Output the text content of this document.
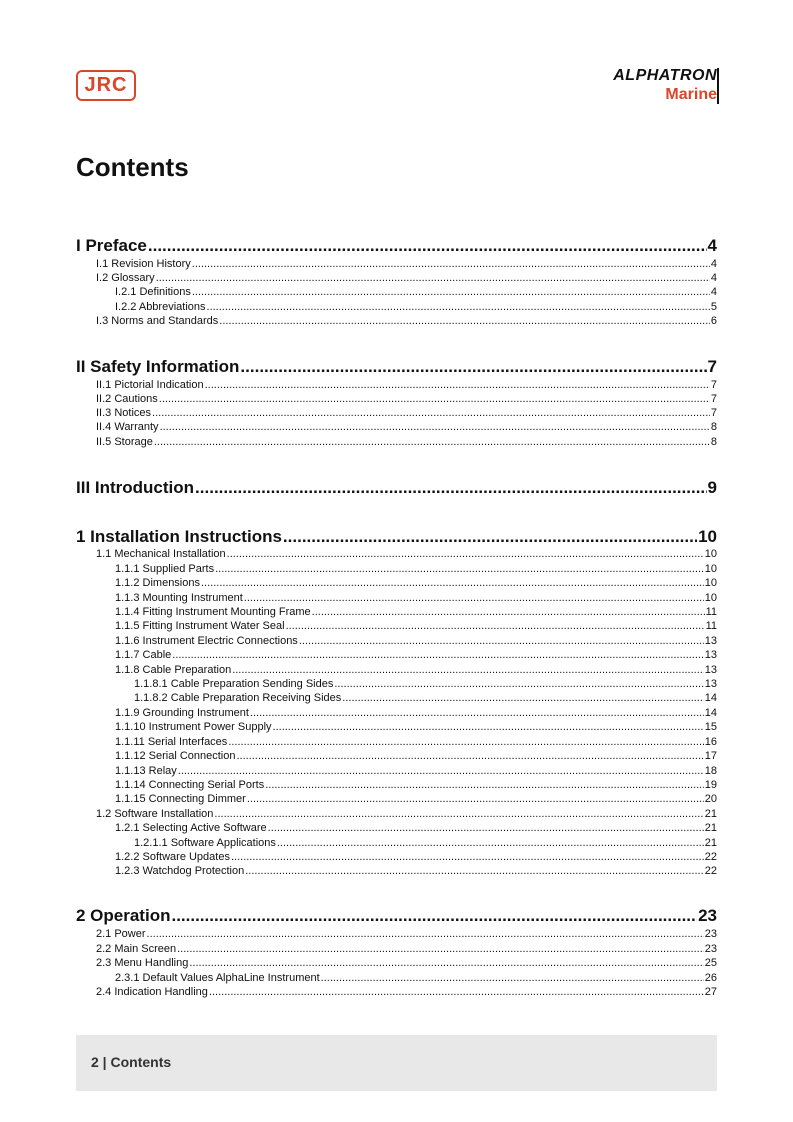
JRC	ALPHATRON
Marine
Contents
I Preface .....	4
I.1 Revision History .....	4
I.2 Glossary .....	4
I.2.1 Definitions .....	4
I.2.2 Abbreviations .....	5
I.3 Norms and Standards .....	6
II Safety Information .....	7
II.1 Pictorial Indication .....	7
II.2 Cautions .....	7
II.3 Notices .....	7
II.4 Warranty .....	8
II.5 Storage .....	8
III Introduction .....	9
1 Installation Instructions .....	10
1.1 Mechanical Installation .....	10
1.1.1 Supplied Parts .....	10
1.1.2 Dimensions .....	10
1.1.3 Mounting Instrument .....	10
1.1.4 Fitting Instrument Mounting Frame .....	11
1.1.5 Fitting Instrument Water Seal .....	11
1.1.6 Instrument Electric Connections .....	13
1.1.7 Cable .....	13
1.1.8 Cable Preparation .....	13
1.1.8.1 Cable Preparation Sending Sides .....	13
1.1.8.2 Cable Preparation Receiving Sides .....	14
1.1.9 Grounding Instrument .....	14
1.1.10 Instrument Power Supply .....	15
1.1.11 Serial Interfaces .....	16
1.1.12 Serial Connection .....	17
1.1.13 Relay .....	18
1.1.14 Connecting Serial Ports .....	19
1.1.15 Connecting Dimmer .....	20
1.2 Software Installation .....	21
1.2.1 Selecting Active Software .....	21
1.2.1.1 Software Applications .....	21
1.2.2 Software Updates .....	22
1.2.3 Watchdog Protection .....	22
2 Operation .....	23
2.1 Power .....	23
2.2 Main Screen .....	23
2.3 Menu Handling .....	25
2.3.1 Default Values AlphaLine Instrument .....	26
2.4 Indication Handling .....	27
2 | Contents
